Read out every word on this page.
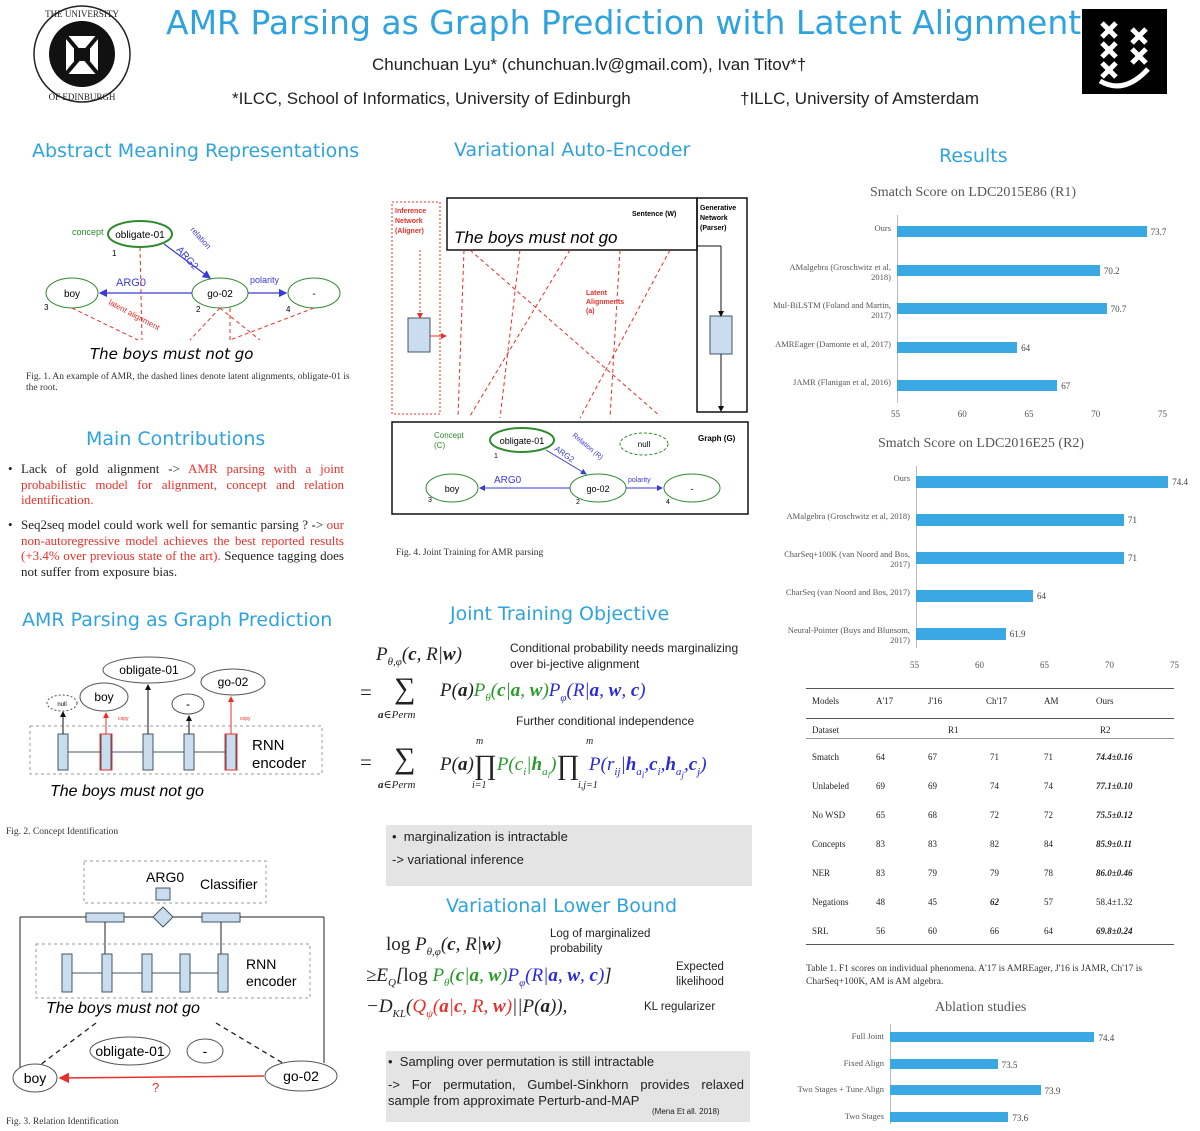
THE UNIVERSITY
OF EDINBURGH
AMR Parsing as Graph Prediction with Latent Alignment
Chunchuan Lyu* (chunchuan.lv@gmail.com), Ivan Titov*†
*ILCC, School of Informatics, University of Edinburgh	†ILLC, University of Amsterdam
Abstract Meaning Representations
concept obligate-01
boy	go-02	-
1
3	2	4
ARG0
ARG2
relation
polarity
latent alignment
The boys must not go
Fig. 1. An example of AMR, the dashed lines denote latent alignments, obligate-01 is the root.
Main Contributions
• Lack of gold alignment -> AMR parsing with a joint probabilistic model for alignment, concept and relation identification.
• Seq2seq model could work well for semantic parsing ? -> our non-autoregressive model achieves the best reported results (+3.4% over previous state of the art). Sequence tagging does not suffer from exposure bias.
AMR Parsing as Graph Prediction
obligate-01
boy
go-02
-
null
copy	copy
RNN
encoder
The boys must not go
Fig. 2. Concept Identification
ARG0 Classifier
RNN
encoder
The boys must not go
obligate-01	-
boy	go-02
?
Fig. 3. Relation Identification
Variational Auto-Encoder
Inference
Network
(Aligner)
Sentence (W)
The boys must not go
Generative
Network
(Parser)
Latent
Alignments
(a)
Concept
(C)	obligate-01	null
Graph (G)
boy	go-02	-
ARG0
ARG2
Relation (R)
polarity
1
3	2	4
Fig. 4. Joint Training for AMR parsing
Joint Training Objective
$P_{\theta,\varphi}(c$, R|w)
= ∑
a∈Perm
$P(a)P_\theta(c|a$, $w)P_\varphi(R|a$, w, c)
= ∑
a∈Perm
$P(a)\prod P(c_i|h_{a_i})\prod$ $P(r_{ij}|h_{a_i},c_i,h_{a_j},c_j)$
m
i=1
m
i,j=1
Conditional probability needs marginalizing over bi-jective alignment
Further conditional independence
•  marginalization is intractable
-> variational inference
Variational Lower Bound
$\log P_{\theta,\varphi}(c$, R|w)
$\ge E_Q[\log$ $P_\theta(c|a$, $w)P_\varphi(R|a$, w, c)]
$-D_{KL}(Q_\psi(a|c$, R, w)||P(a)),
Log of marginalized probability
Expected likelihood
KL regularizer
•  Sampling over permutation is still intractable
-> For permutation, Gumbel-Sinkhorn provides relaxed sample from approximate Perturb-and-MAP
(Mena Et all. 2018)
Results
Smatch Score on LDC2015E86 (R1)
Ours	73.7
AMalgebra (Groschwitz et al, 2018)
70.2
Mul-BiLSTM (Foland and Martin, 2017)
70.7
AMREager (Damonte et al, 2017)	64
JAMR (Flanigan et al, 2016)	67
55	60	65	70	75
Smatch Score on LDC2016E25 (R2)
Ours	74.4
AMalgebra (Groschwitz et al, 2018)	71
CharSeq+100K (van Noord and Bos, 2017)
71
CharSeq (van Noord and Bos, 2017)	64
Neural-Pointer (Buys and Blunsom, 2017)
61.9
55	60	65	70	75
Models	A'17	J'16	Ch'17	AM	Ours
Dataset	R1	R2
Smatch	64	67	71	71	74.4±0.16
Unlabeled	69	69	74	74	77.1±0.10
No WSD	65	68	72	72	75.5±0.12
Concepts	83	83	82	84	85.9±0.11
NER	83	79	79	78	86.0±0.46
Negations	48	45	62	57	58.4±1.32
SRL	56	60	66	64	69.8±0.24
Table 1. F1 scores on individual phenomena. A'17 is AMREager, J'16 is JAMR, Ch'17 is CharSeq+100K, AM is AM algebra.
Ablation studies
Full Joint	74.4
Fixed Align	73.5
Two Stages + Tune Align	73.9
Two Stages	73.6
